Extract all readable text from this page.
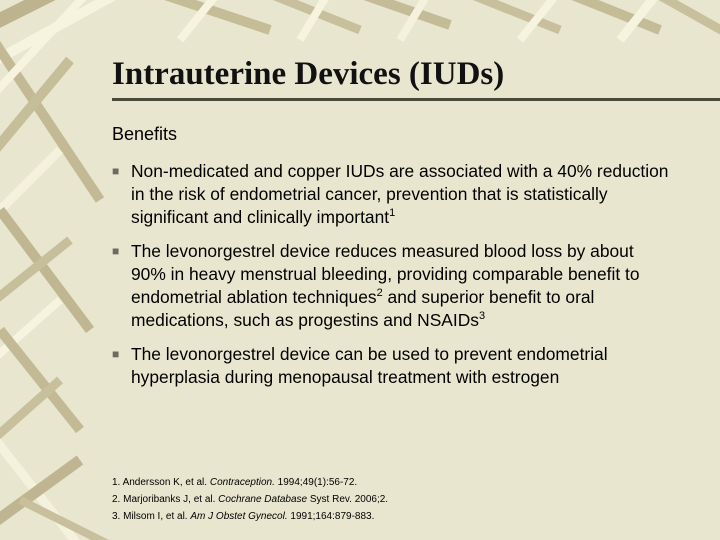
Intrauterine Devices (IUDs)
Benefits
■ Non-medicated and copper IUDs are associated with a 40% reduction in the risk of endometrial cancer, prevention that is statistically significant and clinically important$^1$
■ The levonorgestrel device reduces measured blood loss by about 90% in heavy menstrual bleeding, providing comparable benefit to endometrial ablation techniques$^2$ and superior benefit to oral medications, such as progestins and NSAIDs$^3$
■ The levonorgestrel device can be used to prevent endometrial hyperplasia during menopausal treatment with estrogen
1. Andersson K, et al. Contraception. 1994;49(1):56-72.
2. Marjoribanks J, et al. Cochrane Database Syst Rev. 2006;2.
3. Milsom I, et al. Am J Obstet Gynecol. 1991;164:879-883.
